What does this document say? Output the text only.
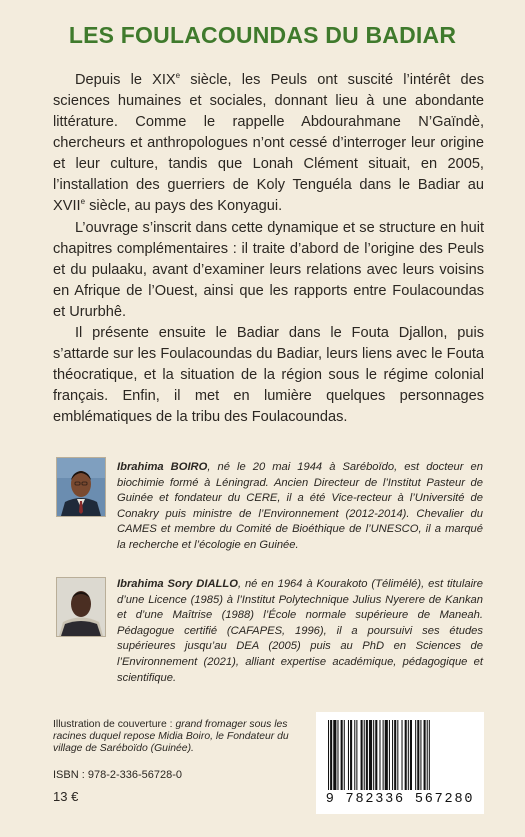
LES FOULACOUNDAS DU BADIAR

Depuis le XIXe siècle, les Peuls ont suscité l’intérêt des sciences humaines et sociales, donnant lieu à une abondante littérature. Comme le rappelle Abdourahmane N’Gaïndè, chercheurs et anthropologues n’ont cessé d’interroger leur origine et leur culture, tandis que Lonah Clément situait, en 2005, l’installation des guerriers de Koly Tenguéla dans le Badiar au XVIIe siècle, au pays des Konyagui.

L’ouvrage s’inscrit dans cette dynamique et se structure en huit chapitres complémentaires : il traite d’abord de l’origine des Peuls et du pulaaku, avant d’examiner leurs relations avec leurs voisins en Afrique de l’Ouest, ainsi que les rapports entre Foulacoundas et Ururbhê.

Il présente ensuite le Badiar dans le Fouta Djallon, puis s’attarde sur les Foulacoundas du Badiar, leurs liens avec le Fouta théocratique, et la situation de la région sous le régime colonial français. Enfin, il met en lumière quelques personnages emblématiques de la tribu des Foulacoundas.

Ibrahima BOIRO, né le 20 mai 1944 à Saréboïdo, est docteur en biochimie formé à Léningrad. Ancien Directeur de l’Institut Pasteur de Guinée et fondateur du CERE, il a été Vice-recteur à l’Université de Conakry puis ministre de l’Environnement (2012-2014). Chevalier du CAMES et membre du Comité de Bioéthique de l’UNESCO, il a marqué la recherche et l’écologie en Guinée.

Ibrahima Sory DIALLO, né en 1964 à Kourakoto (Télimélé), est titulaire d’une Licence (1985) à l’Institut Polytechnique Julius Nyerere de Kankan et d’une Maîtrise (1988) l’École normale supérieure de Maneah. Pédagogue certifié (CAFAPES, 1996), il a poursuivi ses études supérieures jusqu’au DEA (2005) puis au PhD en Sciences de l’Environnement (2021), alliant expertise académique, pédagogique et scientifique.

Illustration de couverture : grand fromager sous les racines duquel repose Midia Boiro, le Fondateur du village de Saréboïdo (Guinée).

ISBN : 978-2-336-56728-0
13 €	9 782336 567280
